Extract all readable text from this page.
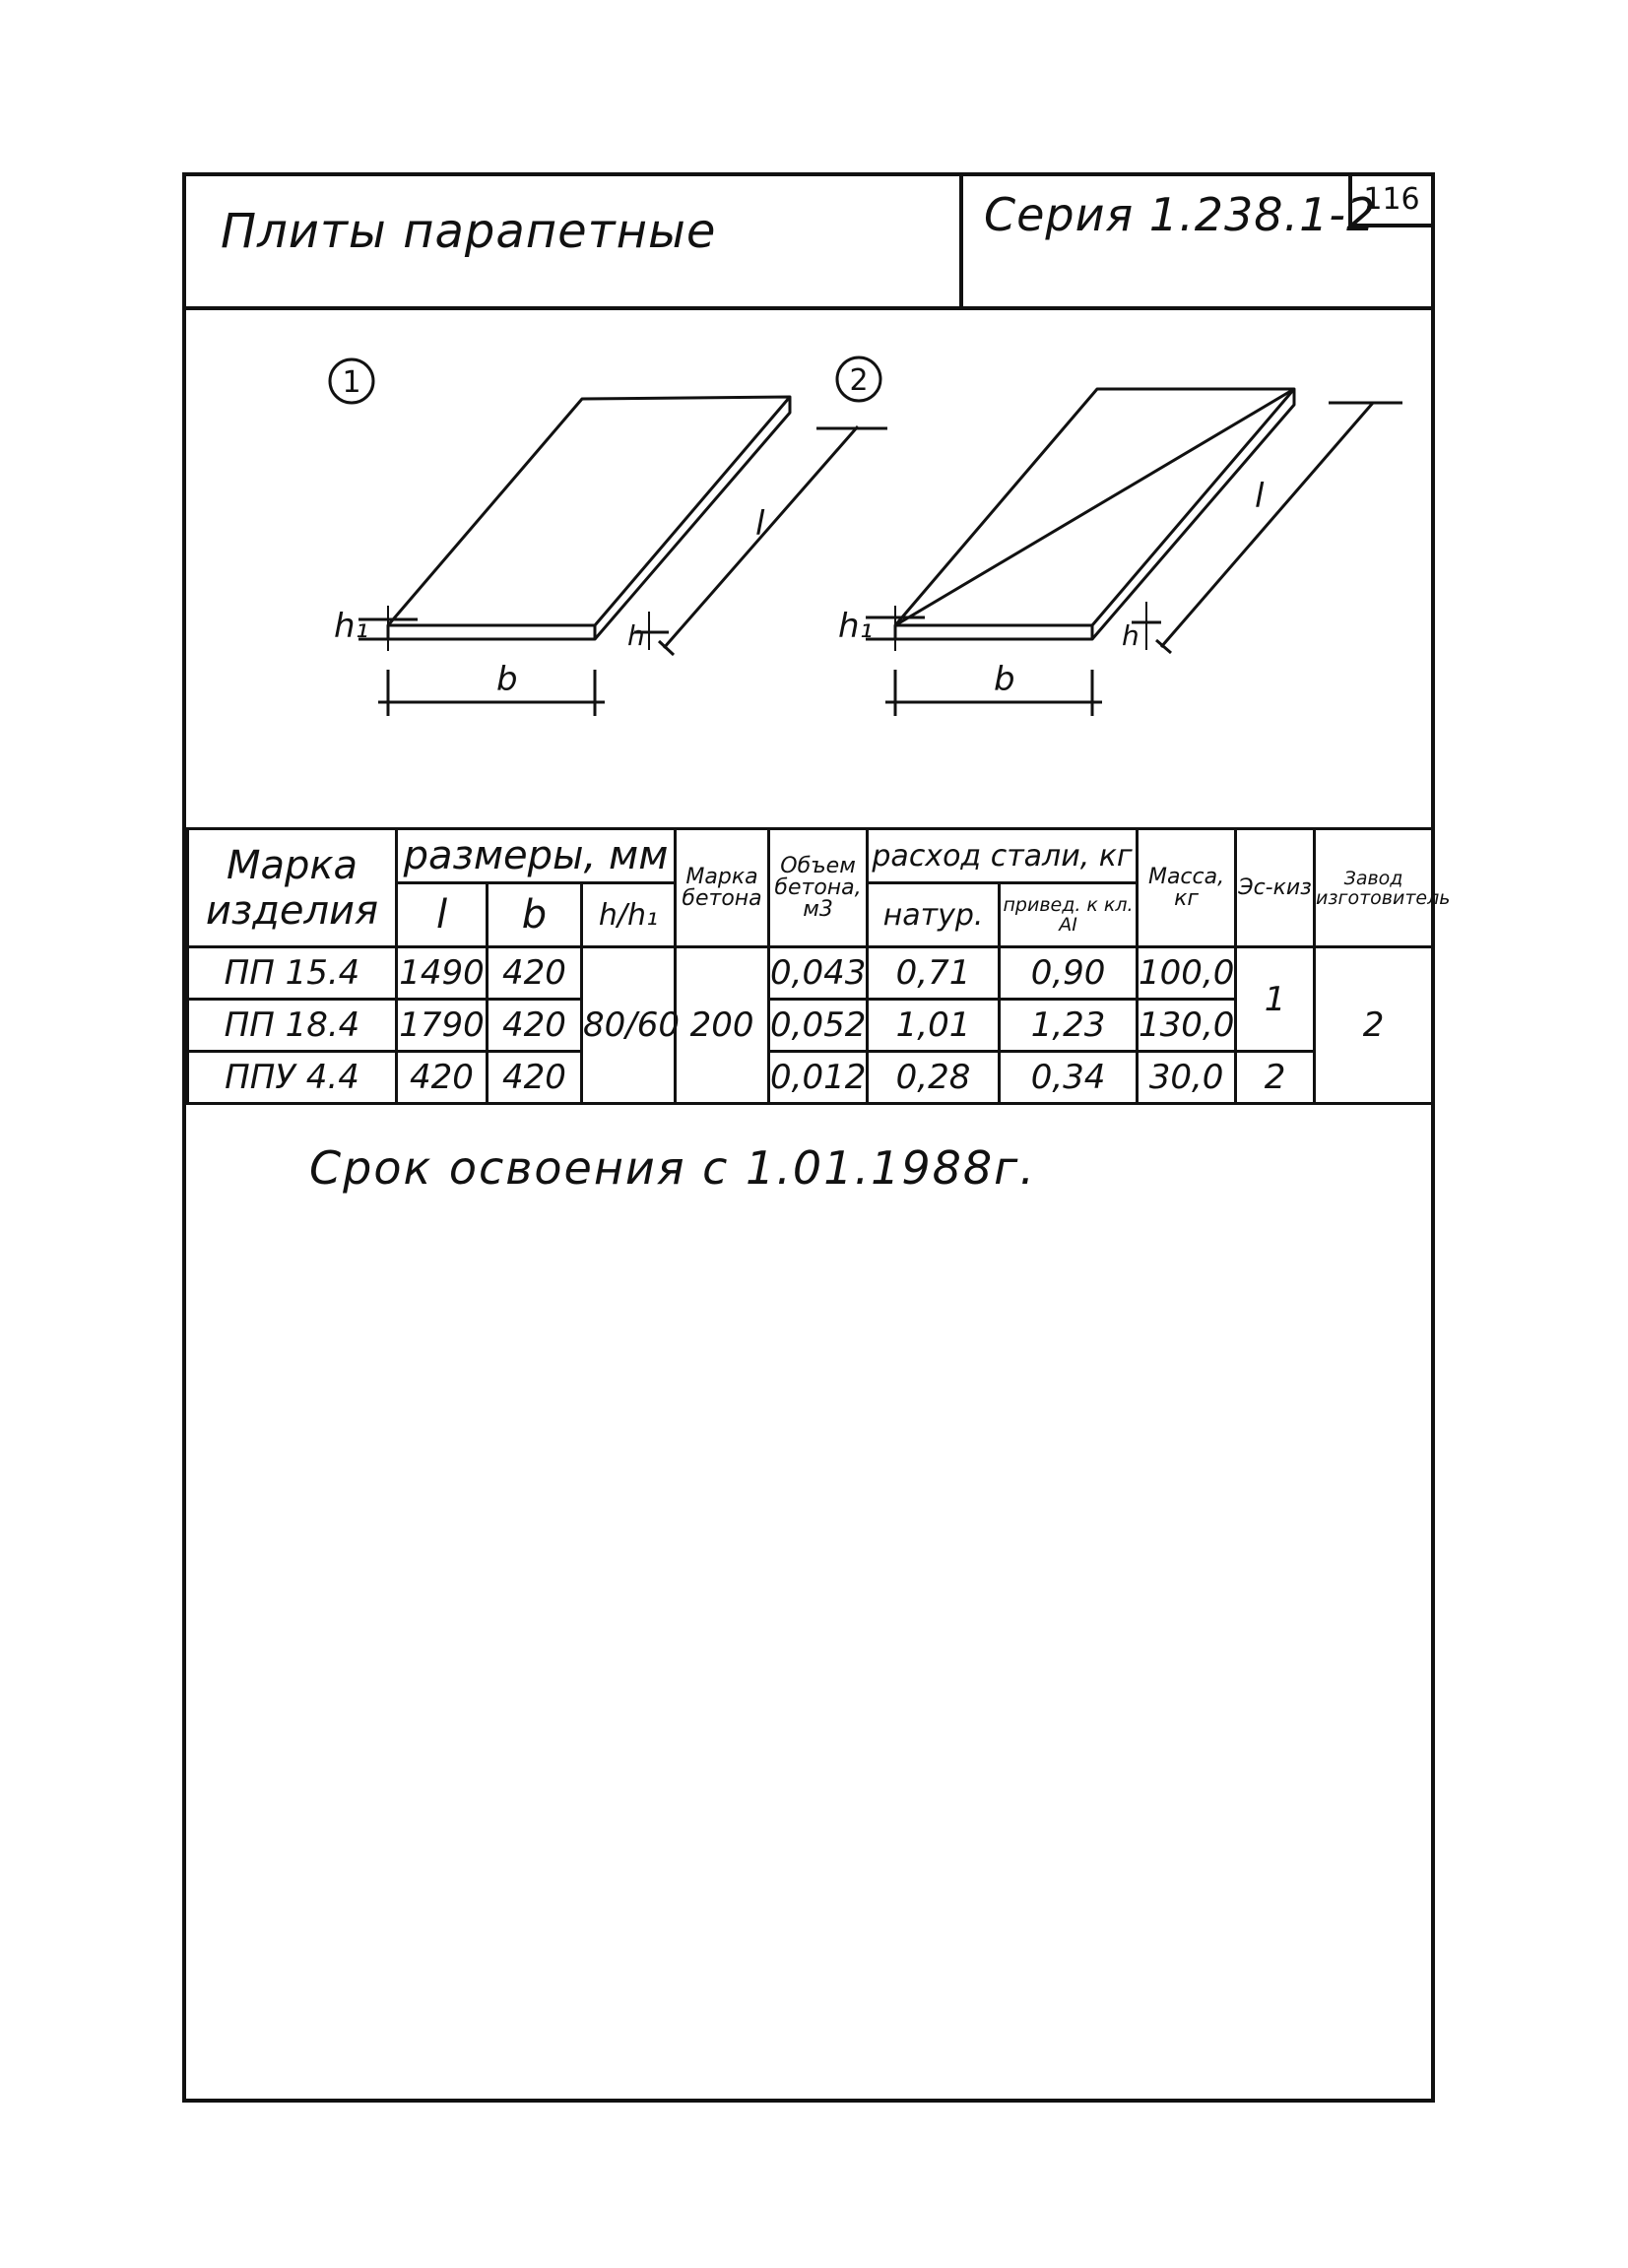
Плиты парапетные	Серия 1.238.1-2
116
1
h₁	h
l
b
2
h₁	h
l
b
Марка изделия	размеры, мм			Марка бетона	Объем бетона, м3	расход стали, кг		Масса, кг	Эс-киз	Завод изготовитель
	l	b	h/h₁			натур.	привед. к кл. AI			
ПП 15.4	1490	420	80/60	200	0,043	0,71	0,90	100,0	1	2
ПП 18.4	1790	420			0,052	1,01	1,23	130,0		
ППУ 4.4	420	420			0,012	0,28	0,34	30,0	2	
Срок освоения с 1.01.1988г.
